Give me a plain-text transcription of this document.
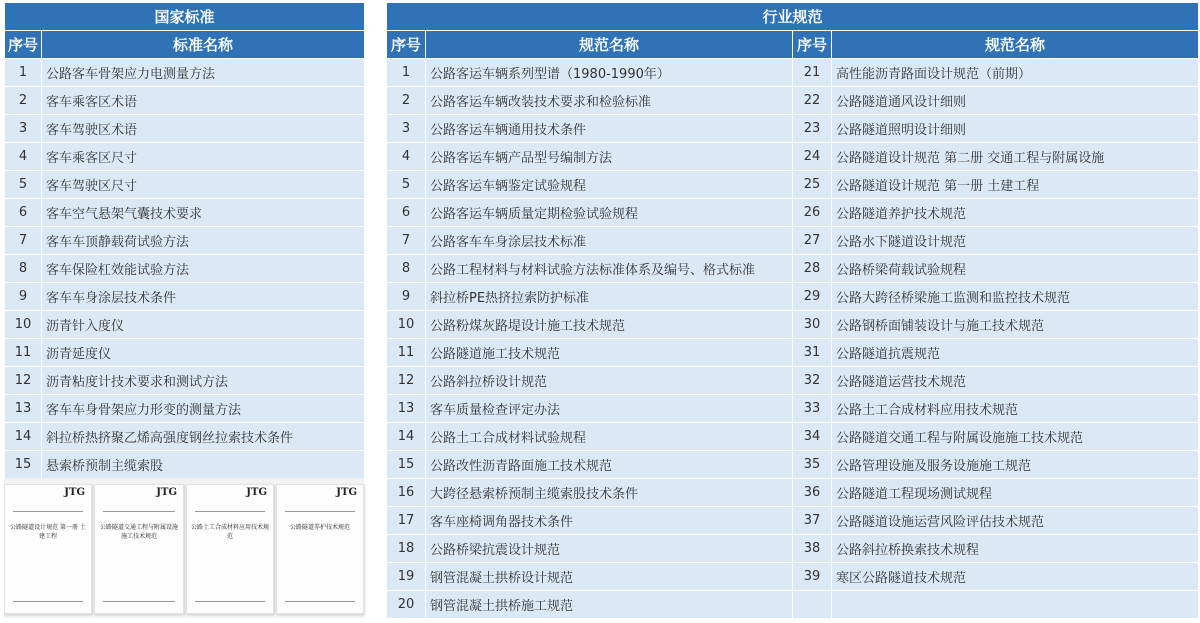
国家标准	
序号	标准名称
1	公路客车骨架应力电测量方法
2	客车乘客区术语
3	客车驾驶区术语
4	客车乘客区尺寸
5	客车驾驶区尺寸
6	客车空气悬架气囊技术要求
7	客车车顶静载荷试验方法
8	客车保险杠效能试验方法
9	客车车身涂层技术条件
10	沥青针入度仪
11	沥青延度仪
12	沥青粘度计技术要求和测试方法
13	客车车身骨架应力形变的测量方法
14	斜拉桥热挤聚乙烯高强度钢丝拉索技术条件
15	悬索桥预制主缆索股
JTG
公路隧道设计规范 第一册 土建工程
JTG
公路隧道交通工程与附属设施施工技术规范
JTG
公路土工合成材料应用技术规范
JTG
公路隧道养护技术规范
行业规范			
序号	规范名称	序号	规范名称
1	公路客运车辆系列型谱（1980-1990年）	21	高性能沥青路面设计规范（前期）
2	公路客运车辆改装技术要求和检验标准	22	公路隧道通风设计细则
3	公路客运车辆通用技术条件	23	公路隧道照明设计细则
4	公路客运车辆产品型号编制方法	24	公路隧道设计规范 第二册 交通工程与附属设施
5	公路客运车辆鉴定试验规程	25	公路隧道设计规范 第一册 土建工程
6	公路客运车辆质量定期检验试验规程	26	公路隧道养护技术规范
7	公路客车车身涂层技术标准	27	公路水下隧道设计规范
8	公路工程材料与材料试验方法标准体系及编号、格式标准	28	公路桥梁荷载试验规程
9	斜拉桥PE热挤拉索防护标准	29	公路大跨径桥梁施工监测和监控技术规范
10	公路粉煤灰路堤设计施工技术规范	30	公路钢桥面铺装设计与施工技术规范
11	公路隧道施工技术规范	31	公路隧道抗震规范
12	公路斜拉桥设计规范	32	公路隧道运营技术规范
13	客车质量检查评定办法	33	公路土工合成材料应用技术规范
14	公路土工合成材料试验规程	34	公路隧道交通工程与附属设施施工技术规范
15	公路改性沥青路面施工技术规范	35	公路管理设施及服务设施施工规范
16	大跨径悬索桥预制主缆索股技术条件	36	公路隧道工程现场测试规程
17	客车座椅调角器技术条件	37	公路隧道设施运营风险评估技术规范
18	公路桥梁抗震设计规范	38	公路斜拉桥换索技术规程
19	钢管混凝土拱桥设计规范	39	寒区公路隧道技术规范
20	钢管混凝土拱桥施工规范		
